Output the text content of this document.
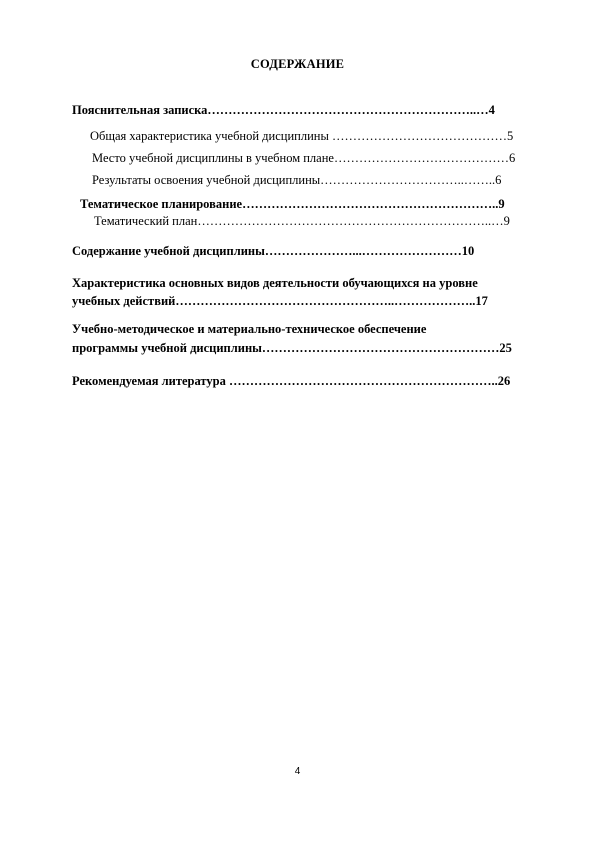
СОДЕРЖАНИЕ
Пояснительная записка………………………………………………………..…4
Общая характеристика учебной дисциплины ……………………………………5
Место учебной дисциплины в учебном плане……………………………………6
Результаты освоения учебной дисциплины……………………………..……..6
Тематическое планирование……………………………………………………..9
Тематический план……………………………………………………………..…9
Содержание учебной дисциплины…………………...……………………10
Характеристика основных видов деятельности обучающихся на уровне
учебных действий……………………………………………..………………..17
Учебно-методическое и материально-техническое обеспечение
программы учебной дисциплины…………………………………………………25
Рекомендуемая литература ………………………………………………………..26
4
